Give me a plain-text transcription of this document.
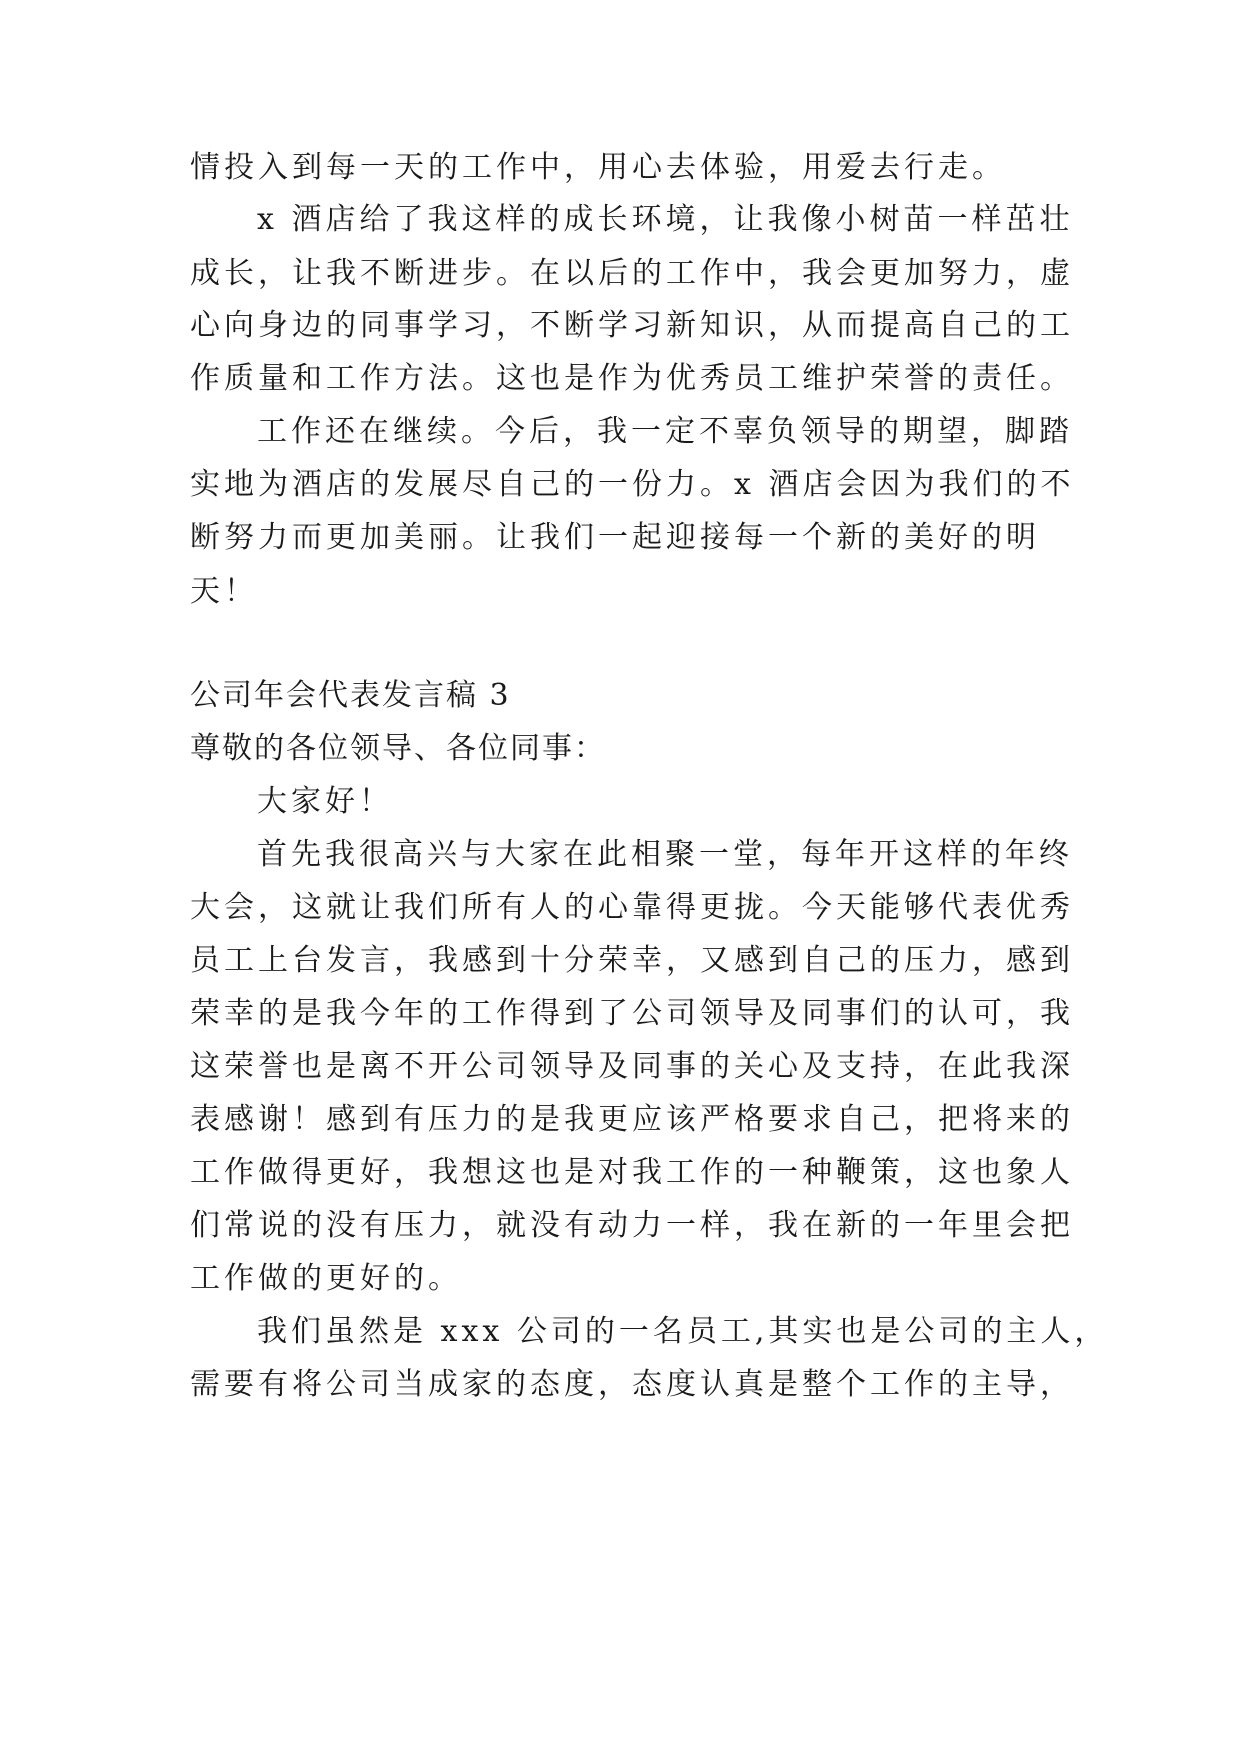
情投入到每一天的工作中，用心去体验，用爱去行走。
x 酒店给了我这样的成长环境，让我像小树苗一样茁壮
成长，让我不断进步。在以后的工作中，我会更加努力，虚
心向身边的同事学习，不断学习新知识，从而提高自己的工
作质量和工作方法。这也是作为优秀员工维护荣誉的责任。
工作还在继续。今后，我一定不辜负领导的期望，脚踏
实地为酒店的发展尽自己的一份力。x 酒店会因为我们的不
断努力而更加美丽。让我们一起迎接每一个新的美好的明
天！
公司年会代表发言稿 3
尊敬的各位领导、各位同事：
大家好！
首先我很高兴与大家在此相聚一堂，每年开这样的年终
大会，这就让我们所有人的心靠得更拢。今天能够代表优秀
员工上台发言，我感到十分荣幸，又感到自己的压力，感到
荣幸的是我今年的工作得到了公司领导及同事们的认可，我
这荣誉也是离不开公司领导及同事的关心及支持，在此我深
表感谢！感到有压力的是我更应该严格要求自己，把将来的
工作做得更好，我想这也是对我工作的一种鞭策，这也象人
们常说的没有压力，就没有动力一样，我在新的一年里会把
工作做的更好的。
我们虽然是 xxx 公司的一名员工,其实也是公司的主人，
需要有将公司当成家的态度，态度认真是整个工作的主导，
